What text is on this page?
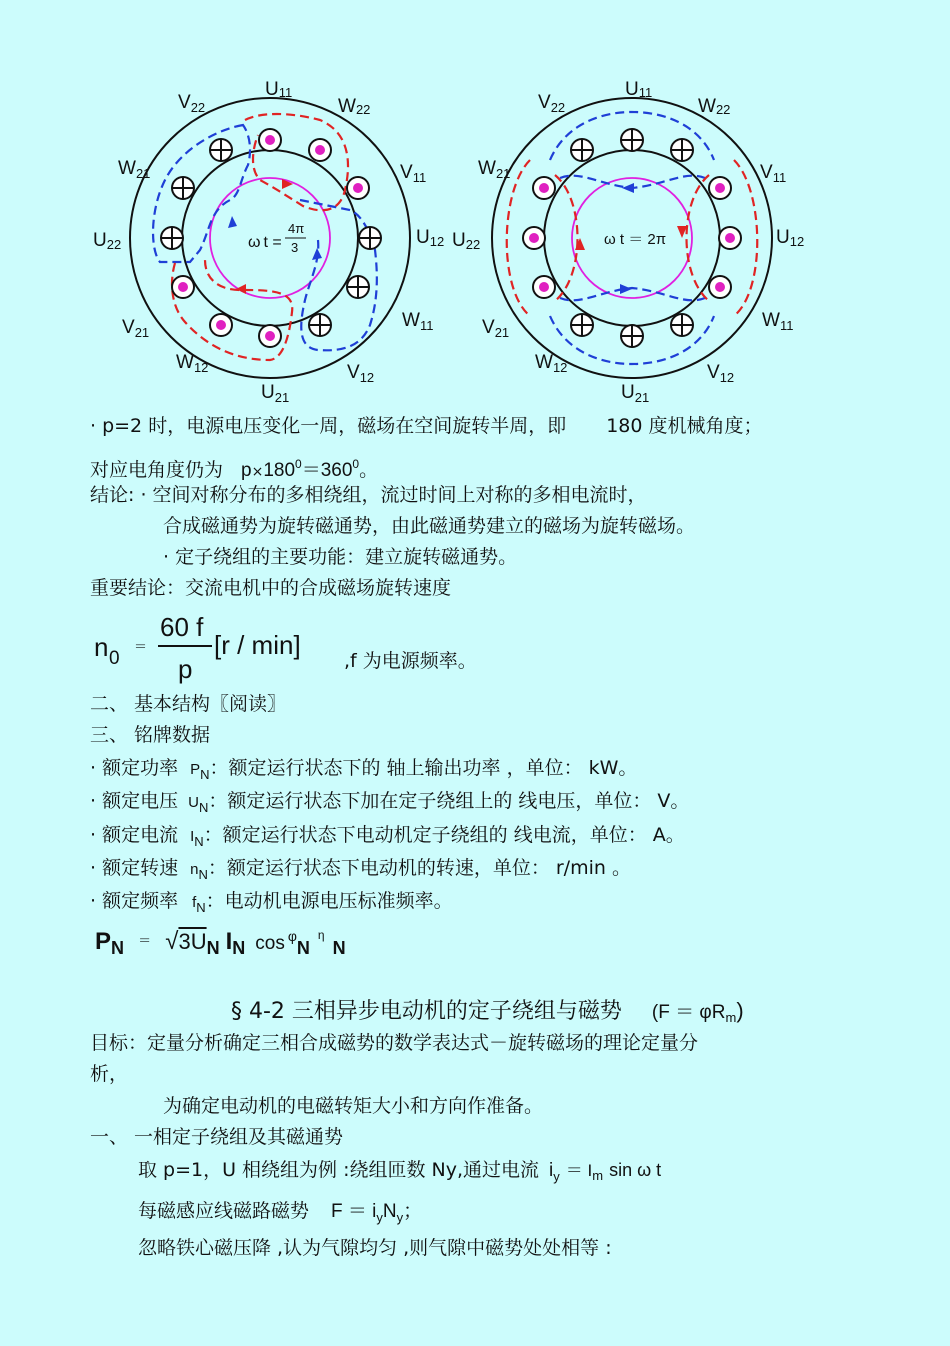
ω t =
4π
3
U11
$V_{22}$	W22
$W_{21}$	$V_{11}$
U22	U12
$V_{21}$
$W_{11}$
$W_{12}$	$V_{12}$
$U_{21}$
ω t ＝ 2π
U11
$V_{22}$	W22
$W_{21}$	$V_{11}$
U22	U12
$V_{21}$
$W_{11}$
$W_{12}$	$V_{12}$
$U_{21}$
· p=2 时，电源电压变化一周，磁场在空间旋转半周，即 180 度机械角度；
对应电角度仍为 $p\times 180^0=360^0$。
结论: · 空间对称分布的多相绕组，流过时间上对称的多相电流时，
合成磁通势为旋转磁通势，由此磁通势建立的磁场为旋转磁场。
· 定子绕组的主要功能：建立旋转磁通势。
重要结论：交流电机中的合成磁场旋转速度
n 0
＝
60 f
p
[r / min]
,f 为电源频率。
二、 基本结构〖阅读〗
三、 铭牌数据
· 额定功率 $P_N$：额定运行状态下的 轴上输出功率 ，单位： kW。
· 额定电压 $U_N$：额定运行状态下加在定子绕组上的 线电压，单位： V。
· 额定电流 $I_N$：额定运行状态下电动机定子绕组的 线电流，单位： A。
· 额定转速 $n_N$：额定运行状态下电动机的转速，单位： r/min 。
· 额定频率 $f_N$：电动机电源电压标准频率。
$P_N = √3U_N$ $I_N$ cos $^\varphi_N^\eta_N$
§ 4-2 三相异步电动机的定子绕组与磁势 (F ＝ φRm)
目标：定量分析确定三相合成磁势的数学表达式－旋转磁场的理论定量分
析，
为确定电动机的电磁转矩大小和方向作准备。
一、 一相定子绕组及其磁通势
取 p=1，U 相绕组为例 :绕组匝数 Ny,通过电流 $i_y = I_m$ sin ω t
每磁感应线磁路磁势 $F = i_yN_y$；
忽略铁心磁压降 ,认为气隙均匀 ,则气隙中磁势处处相等 :
